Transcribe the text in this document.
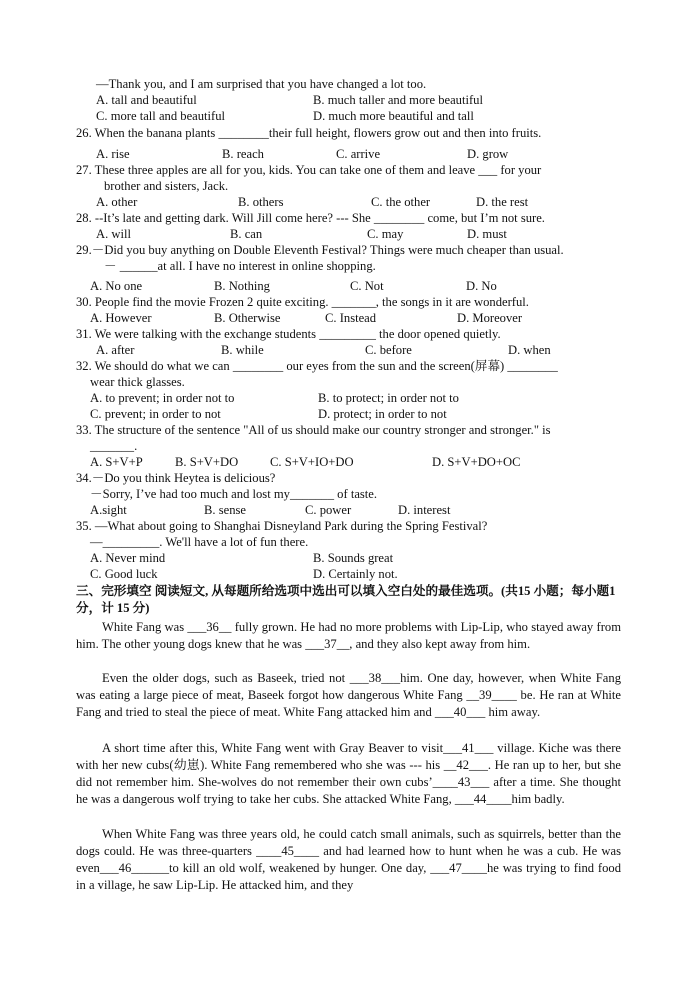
—Thank you, and I am surprised that you have changed a lot too.
A. tall and beautiful	B. much taller and more beautiful
C. more tall and beautiful	D. much more beautiful and tall
26. When the banana plants ________their full height, flowers grow out and then into fruits.
A. rise	B. reach	C. arrive	D. grow
27. These three apples are all for you, kids. You can take one of them and leave ___ for your
brother and sisters, Jack.
A. other	B. others	C. the other	D. the rest
28. --It’s late and getting dark. Will Jill come here? --- She ________ come, but I’m not sure.
A. will	B. can	C. may	D. must
29.－Did you buy anything on Double Eleventh Festival? Things were much cheaper than usual.
－ ______at all. I have no interest in online shopping.
A. No one	B. Nothing	C. Not	D. No
30. People find the movie Frozen 2 quite exciting. _______, the songs in it are wonderful.
A. However	B. Otherwise	C. Instead	D. Moreover
31. We were talking with the exchange students _________ the door opened quietly.
A. after	B. while	C. before	D. when
32. We should do what we can ________ our eyes from the sun and the screen(屏幕) ________
wear thick glasses.
A. to prevent; in order not to	B. to protect; in order not to
C. prevent; in order to not	D. protect; in order to not
33. The structure of the sentence "All of us should make our country stronger and stronger." is
_______.
A. S+V+P	B. S+V+DO	C. S+V+IO+DO	D. S+V+DO+OC
34.－Do you think Heytea is delicious?
－Sorry, I’ve had too much and lost my_______ of taste.
A.sight	B. sense	C. power	D. interest
35. —What about going to Shanghai Disneyland Park during the Spring Festival?
—_________. We'll have a lot of fun there.
A. Never mind	B. Sounds great
C. Good luck	D. Certainly not.
三、完形填空 阅读短文, 从每题所给选项中选出可以填入空白处的最佳选项。(共15 小题；每小题1 分，计 15 分)
White Fang was ___36__ fully grown. He had no more problems with Lip-Lip, who stayed away from him. The other young dogs knew that he was ___37__, and they also kept away from him.
Even the older dogs, such as Baseek, tried not ___38___him. One day, however, when White Fang was eating a large piece of meat, Baseek forgot how dangerous White Fang __39____ be. He ran at White Fang and tried to steal the piece of meat. White Fang attacked him and ___40___ him away.
A short time after this, White Fang went with Gray Beaver to visit___41___ village. Kiche was there with her new cubs(幼崽). White Fang remembered who she was --- his __42___. He ran up to her, but she did not remember him. She-wolves do not remember their own cubs’____43___ after a time. She thought he was a dangerous wolf trying to take her cubs. She attacked White Fang, ___44____him badly.
When White Fang was three years old, he could catch small animals, such as squirrels, better than the dogs could. He was three-quarters ____45____ and had learned how to hunt when he was a cub. He was even___46______to kill an old wolf, weakened by hunger. One day, ___47____he was trying to find food in a village, he saw Lip-Lip. He attacked him, and they
